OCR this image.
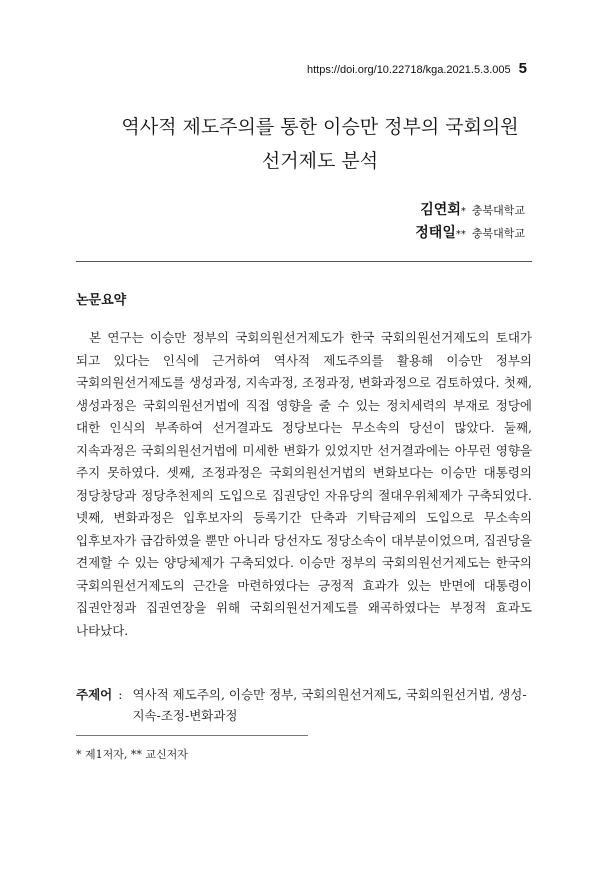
https://doi.org/10.22718/kga.2021.5.3.005 5
역사적 제도주의를 통한 이승만 정부의 국회의원
선거제도 분석
김연회 * 충북대학교
정태일 ** 충북대학교
논문요약

본 연구는 이승만 정부의 국회의원선거제도가 한국 국회의원선거제도의 토대가 되고 있다는 인식에 근거하여 역사적 제도주의를 활용해 이승만 정부의 국회의원선거제도를 생성과정, 지속과정, 조정과정, 변화과정으로 검토하였다. 첫째, 생성과정은 국회의원선거법에 직접 영향을 줄 수 있는 정치세력의 부재로 정당에 대한 인식의 부족하여 선거결과도 정당보다는 무소속의 당선이 많았다. 둘째, 지속과정은 국회의원선거법에 미세한 변화가 있었지만 선거결과에는 아무런 영향을 주지 못하였다. 셋째, 조정과정은 국회의원선거법의 변화보다는 이승만 대통령의 정당창당과 정당추천제의 도입으로 집권당인 자유당의 절대우위체제가 구축되었다. 넷째, 변화과정은 입후보자의 등록기간 단축과 기탁금제의 도입으로 무소속의 입후보자가 급감하였을 뿐만 아니라 당선자도 정당소속이 대부분이었으며, 집권당을 견제할 수 있는 양당체제가 구축되었다. 이승만 정부의 국회의원선거제도는 한국의 국회의원선거제도의 근간을 마련하였다는 긍정적 효과가 있는 반면에 대통령이 집권안정과 집권연장을 위해 국회의원선거제도를 왜곡하였다는 부정적 효과도 나타났다.

주제어 : 역사적 제도주의, 이승만 정부, 국회의원선거제도, 국회의원선거법, 생성-지속-조정-변화과정
* 제1저자, ** 교신저자
